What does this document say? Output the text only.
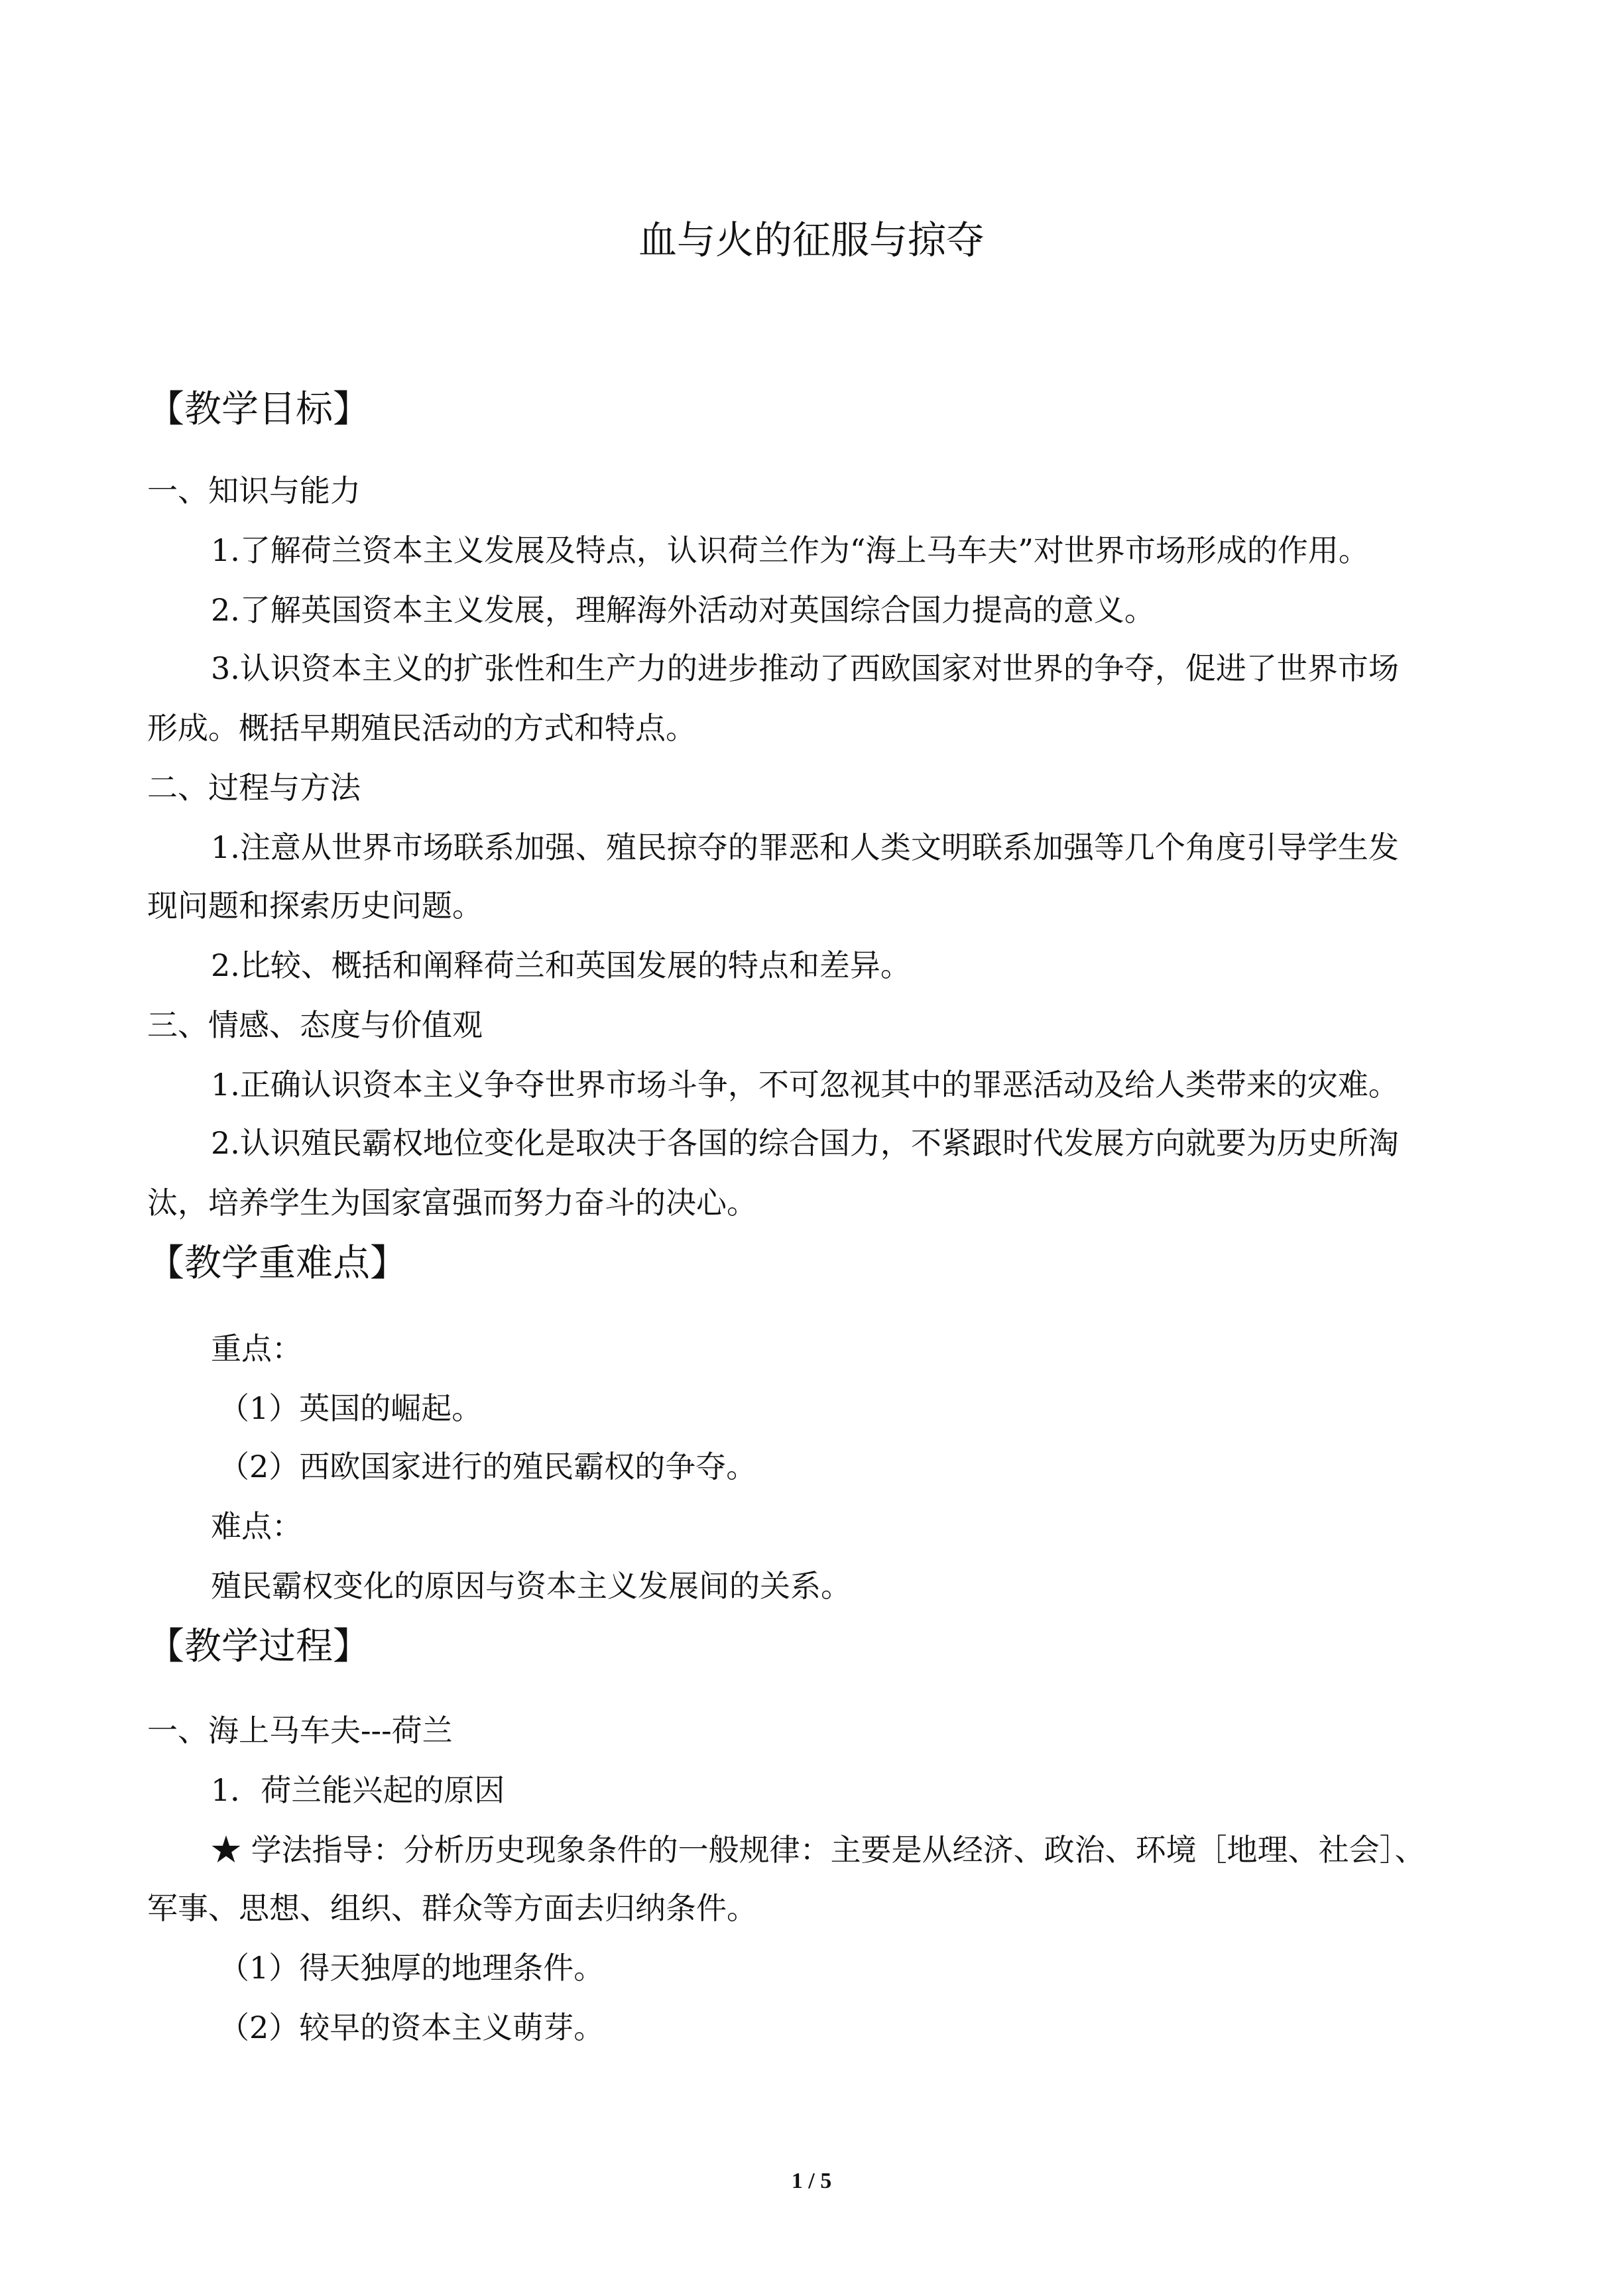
血与火的征服与掠夺
【教学目标】
一、知识与能力
1.了解荷兰资本主义发展及特点，认识荷兰作为“海上马车夫”对世界市场形成的作用。
2.了解英国资本主义发展，理解海外活动对英国综合国力提高的意义。
3.认识资本主义的扩张性和生产力的进步推动了西欧国家对世界的争夺，促进了世界市场
形成。概括早期殖民活动的方式和特点。
二、过程与方法
1.注意从世界市场联系加强、殖民掠夺的罪恶和人类文明联系加强等几个角度引导学生发
现问题和探索历史问题。
2.比较、概括和阐释荷兰和英国发展的特点和差异。
三、情感、态度与价值观
1.正确认识资本主义争夺世界市场斗争，不可忽视其中的罪恶活动及给人类带来的灾难。
2.认识殖民霸权地位变化是取决于各国的综合国力，不紧跟时代发展方向就要为历史所淘
汰，培养学生为国家富强而努力奋斗的决心。
【教学重难点】
重点：
（1）英国的崛起。
（2）西欧国家进行的殖民霸权的争夺。
难点：
殖民霸权变化的原因与资本主义发展间的关系。
【教学过程】
一、海上马车夫---荷兰
1．荷兰能兴起的原因
★ 学法指导：分析历史现象条件的一般规律：主要是从经济、政治、环境［地理、社会］、
军事、思想、组织、群众等方面去归纳条件。
（1）得天独厚的地理条件。
（2）较早的资本主义萌芽。
1 / 5
